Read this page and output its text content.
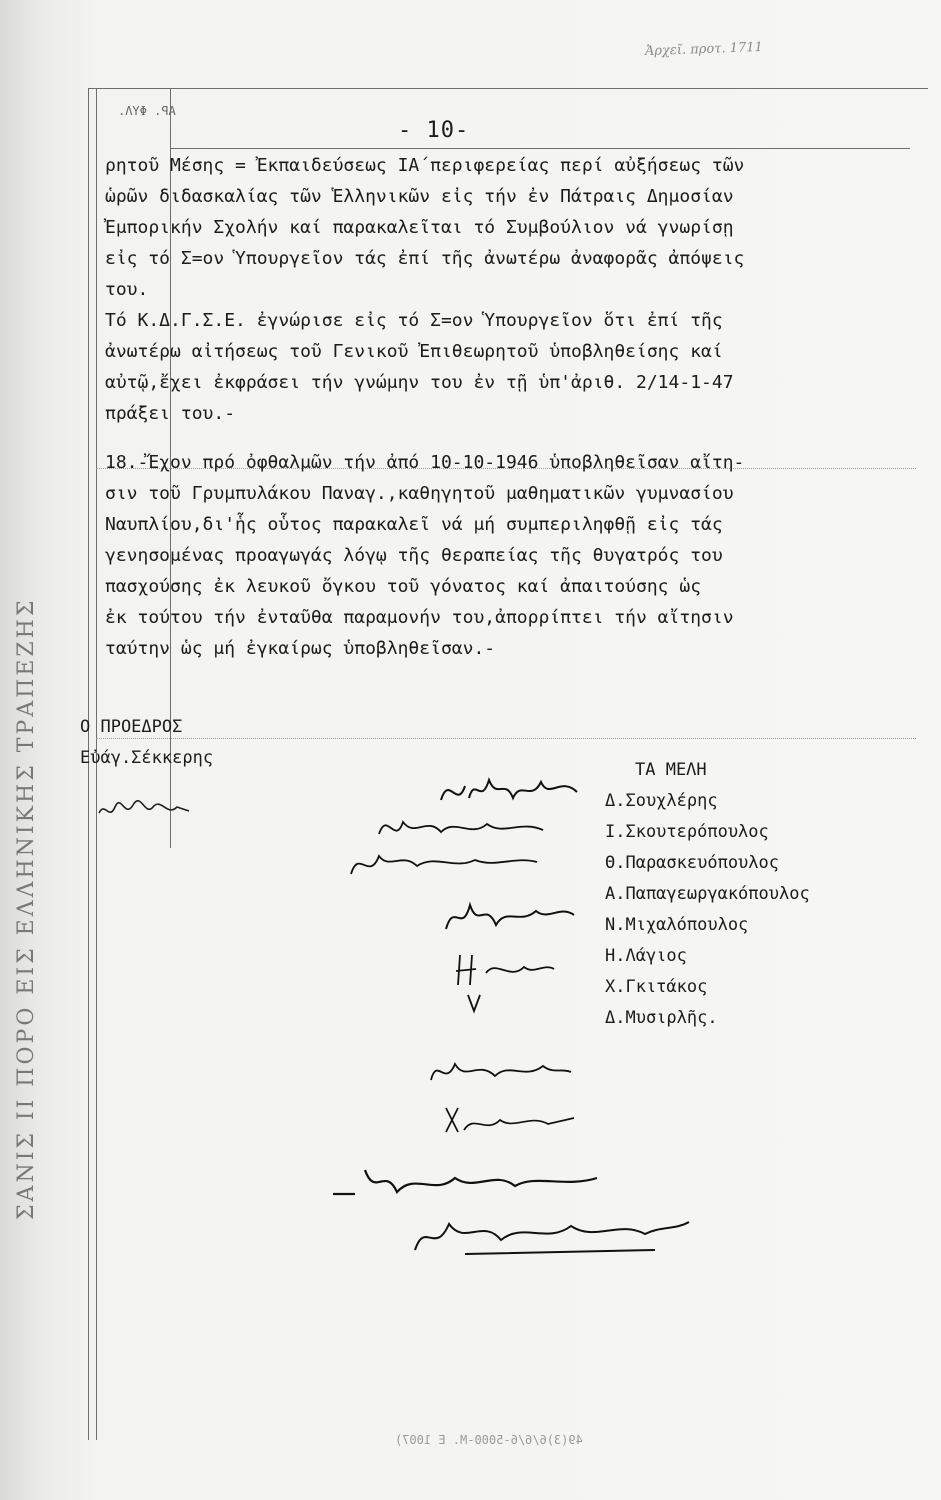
ΑΡ. ΦΥΛ.
Ἀρχεῖ. προτ. 1711
- 10-
ΣΑΝΙΣ ΙΙ ΠΟΡΟ ΕΙΣ ΕΛΛΗΝΙΚΗΣ ΤΡΑΠΕΖΗΣ
ρητοῦ Μέσης = Ἐκπαιδεύσεως ΙΑ΄περιφερείας περί αὐξήσεως τῶν
ὡρῶν διδασκαλίας τῶν Ἑλληνικῶν εἰς τήν ἐν Πάτραις Δημοσίαν
Ἐμπορικήν Σχολήν καί παρακαλεῖται τό Συμβούλιον νά γνωρίσῃ
εἰς τό Σ=ον Ὑπουργεῖον τάς ἐπί τῆς ἀνωτέρω ἀναφορᾶς ἀπόψεις
του.
Τό Κ.Δ.Γ.Σ.Ε. ἐγνώρισε εἰς τό Σ=ον Ὑπουργεῖον ὅτι ἐπί τῆς
ἀνωτέρω αἰτήσεως τοῦ Γενικοῦ Ἐπιθεωρητοῦ ὑποβληθείσης καί
αὐτῷ,ἔχει ἐκφράσει τήν γνώμην του ἐν τῇ ὑπ'ἀριθ. 2/14-1-47
πράξει του.-
18.-Ἔχον πρό ὀφθαλμῶν τήν ἀπό 10-10-1946 ὑποβληθεῖσαν αἴτη-
σιν τοῦ Γρυμπυλάκου Παναγ.,καθηγητοῦ μαθηματικῶν γυμνασίου
Ναυπλίου,δι'ἧς οὗτος παρακαλεῖ νά μή συμπεριληφθῇ εἰς τάς
γενησομένας προαγωγάς λόγῳ τῆς θεραπείας τῆς θυγατρός του
πασχούσης ἐκ λευκοῦ ὄγκου τοῦ γόνατος καί ἀπαιτούσης ὡς
ἐκ τούτου τήν ἐνταῦθα παραμονήν του,ἀπορρίπτει τήν αἴτησιν
ταύτην ὡς μή ἐγκαίρως ὑποβληθεῖσαν.-
Ο ΠΡΟΕΔΡΟΣ
Εὐάγ.Σέκκερης
ΤΑ ΜΕΛΗ
Δ.Σουχλέρης
Ι.Σκουτερόπουλος
Θ.Παρασκευόπουλος
Α.Παπαγεωργακόπουλος
Ν.Μιχαλόπουλος
Η.Λάγιος
Χ.Γκιτάκος
Δ.Μυσιρλῆς.
49(3)6/6/6-5000-M. E 1007)
